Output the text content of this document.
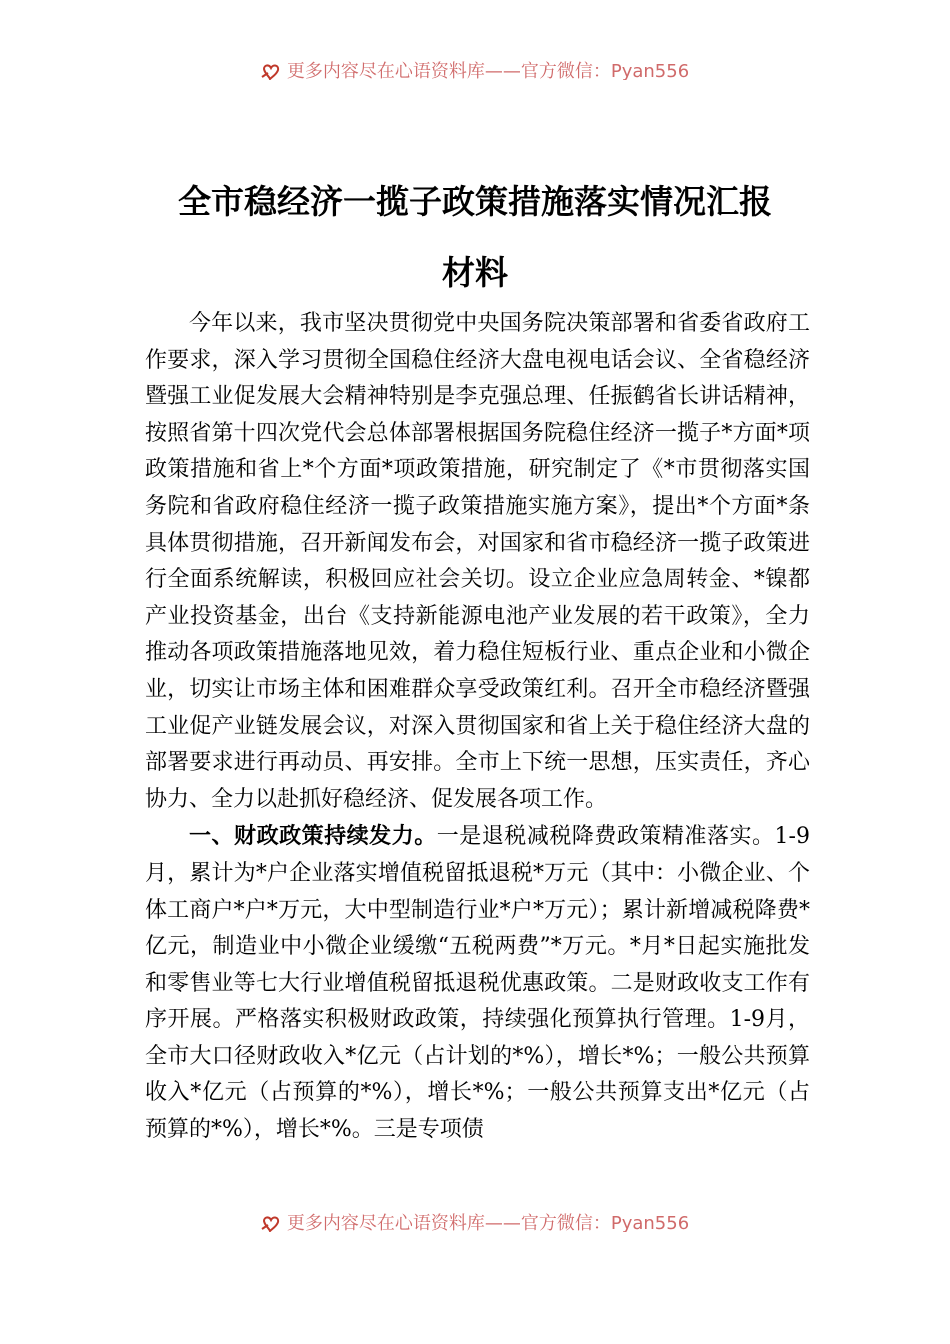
更多内容尽在心语资料库——官方微信：Pyan556
全市稳经济一揽子政策措施落实情况汇报
材料

今年以来，我市坚决贯彻党中央国务院决策部署和省委省政府工作要求，深入学习贯彻全国稳住经济大盘电视电话会议、全省稳经济暨强工业促发展大会精神特别是李克强总理、任振鹤省长讲话精神，按照省第十四次党代会总体部署根据国务院稳住经济一揽子*方面*项政策措施和省上*个方面*项政策措施，研究制定了《*市贯彻落实国务院和省政府稳住经济一揽子政策措施实施方案》，提出*个方面*条具体贯彻措施，召开新闻发布会，对国家和省市稳经济一揽子政策进行全面系统解读，积极回应社会关切。设立企业应急周转金、*镍都产业投资基金，出台《支持新能源电池产业发展的若干政策》，全力推动各项政策措施落地见效，着力稳住短板行业、重点企业和小微企业，切实让市场主体和困难群众享受政策红利。召开全市稳经济暨强工业促产业链发展会议，对深入贯彻国家和省上关于稳住经济大盘的部署要求进行再动员、再安排。全市上下统一思想，压实责任，齐心协力、全力以赴抓好稳经济、促发展各项工作。

一、财政政策持续发力。一是退税减税降费政策精准落实。1-9月，累计为*户企业落实增值税留抵退税*万元（其中：小微企业、个体工商户*户*万元，大中型制造行业*户*万元）；累计新增减税降费*亿元，制造业中小微企业缓缴“五税两费”*万元。*月*日起实施批发和零售业等七大行业增值税留抵退税优惠政策。二是财政收支工作有序开展。严格落实积极财政政策，持续强化预算执行管理。1-9月，全市大口径财政收入*亿元（占计划的*%），增长*%；一般公共预算收入*亿元（占预算的*%），增长*%；一般公共预算支出*亿元（占预算的*%），增长*%。三是专项债

更多内容尽在心语资料库——官方微信：Pyan556
